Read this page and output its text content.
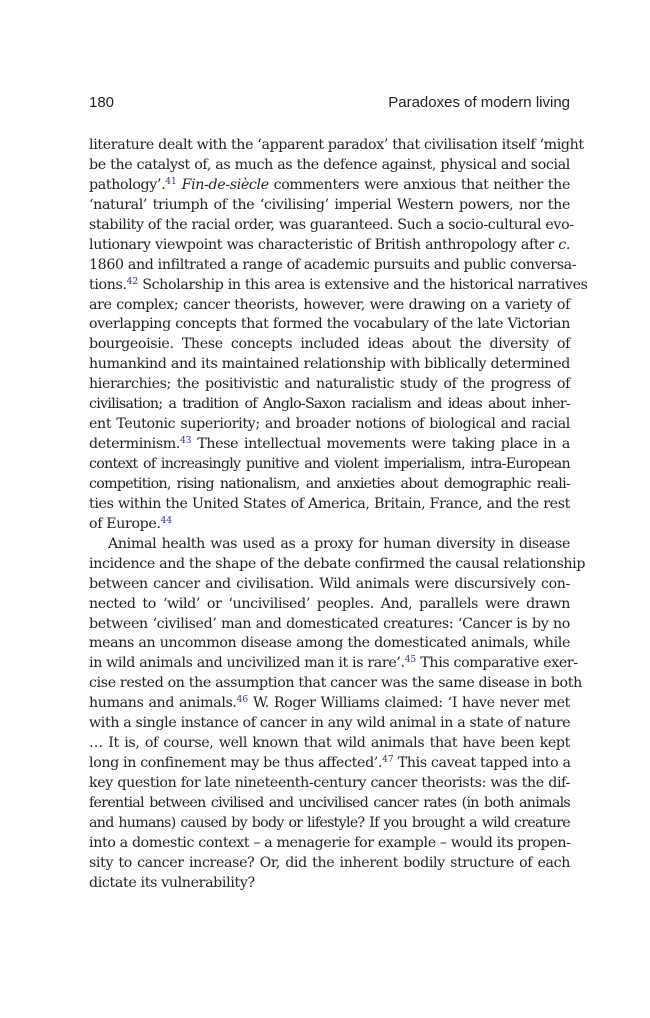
180	Paradoxes of modern living
literature dealt with the ‘apparent paradox’ that civilisation itself ‘might
be the catalyst of, as much as the defence against, physical and social
pathology’.$^{41}$ Fin-de-siècle commenters were anxious that neither the
‘natural’ triumph of the ‘civilising’ imperial Western powers, nor the
stability of the racial order, was guaranteed. Such a socio-cultural evo-
lutionary viewpoint was characteristic of British anthropology after c.
1860 and infiltrated a range of academic pursuits and public conversa-
tions.$^{42}$ Scholarship in this area is extensive and the historical narratives
are complex; cancer theorists, however, were drawing on a variety of
overlapping concepts that formed the vocabulary of the late Victorian
bourgeoisie. These concepts included ideas about the diversity of
humankind and its maintained relationship with biblically determined
hierarchies; the positivistic and naturalistic study of the progress of
civilisation; a tradition of Anglo-Saxon racialism and ideas about inher-
ent Teutonic superiority; and broader notions of biological and racial
determinism.$^{43}$ These intellectual movements were taking place in a
context of increasingly punitive and violent imperialism, intra-European
competition, rising nationalism, and anxieties about demographic reali-
ties within the United States of America, Britain, France, and the rest
of Europe.$^{44}$
Animal health was used as a proxy for human diversity in disease
incidence and the shape of the debate confirmed the causal relationship
between cancer and civilisation. Wild animals were discursively con-
nected to ‘wild’ or ‘uncivilised’ peoples. And, parallels were drawn
between ‘civilised’ man and domesticated creatures: ‘Cancer is by no
means an uncommon disease among the domesticated animals, while
in wild animals and uncivilized man it is rare’.$^{45}$ This comparative exer-
cise rested on the assumption that cancer was the same disease in both
humans and animals.$^{46}$ W. Roger Williams claimed: ‘I have never met
with a single instance of cancer in any wild animal in a state of nature
… It is, of course, well known that wild animals that have been kept
long in confinement may be thus affected’.$^{47}$ This caveat tapped into a
key question for late nineteenth-century cancer theorists: was the dif-
ferential between civilised and uncivilised cancer rates (in both animals
and humans) caused by body or lifestyle? If you brought a wild creature
into a domestic context – a menagerie for example – would its propen-
sity to cancer increase? Or, did the inherent bodily structure of each
dictate its vulnerability?
